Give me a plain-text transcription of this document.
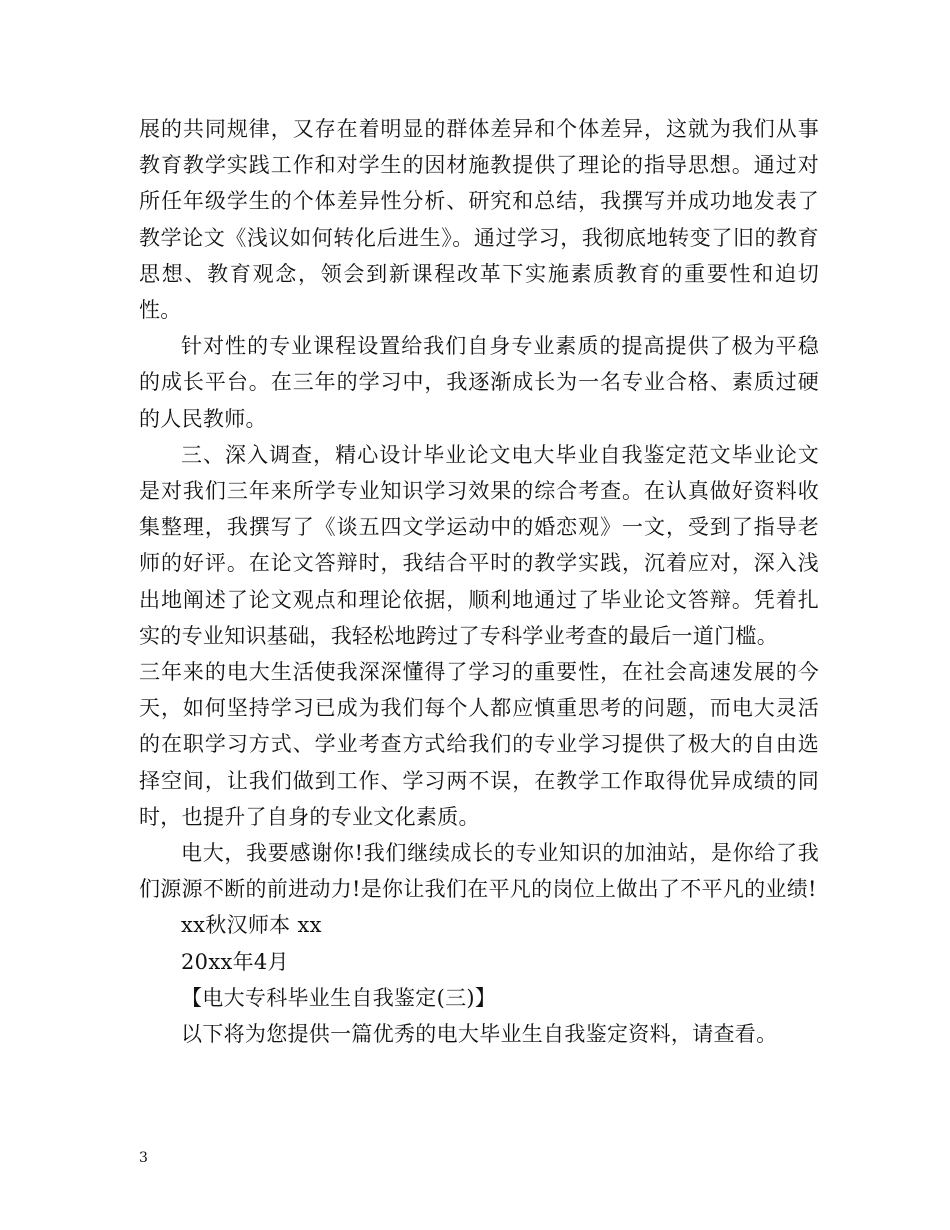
展的共同规律，又存在着明显的群体差异和个体差异，这就为我们从事教育教学实践工作和对学生的因材施教提供了理论的指导思想。通过对所任年级学生的个体差异性分析、研究和总结，我撰写并成功地发表了教学论文《浅议如何转化后进生》。通过学习，我彻底地转变了旧的教育思想、教育观念，领会到新课程改革下实施素质教育的重要性和迫切性。

针对性的专业课程设置给我们自身专业素质的提高提供了极为平稳的成长平台。在三年的学习中，我逐渐成长为一名专业合格、素质过硬的人民教师。

三、深入调查，精心设计毕业论文电大毕业自我鉴定范文毕业论文是对我们三年来所学专业知识学习效果的综合考查。在认真做好资料收集整理，我撰写了《谈五四文学运动中的婚恋观》一文，受到了指导老师的好评。在论文答辩时，我结合平时的教学实践，沉着应对，深入浅出地阐述了论文观点和理论依据，顺利地通过了毕业论文答辩。凭着扎实的专业知识基础，我轻松地跨过了专科学业考查的最后一道门槛。

三年来的电大生活使我深深懂得了学习的重要性，在社会高速发展的今天，如何坚持学习已成为我们每个人都应慎重思考的问题，而电大灵活的在职学习方式、学业考查方式给我们的专业学习提供了极大的自由选择空间，让我们做到工作、学习两不误，在教学工作取得优异成绩的同时，也提升了自身的专业文化素质。

电大，我要感谢你!我们继续成长的专业知识的加油站，是你给了我们源源不断的前进动力!是你让我们在平凡的岗位上做出了不平凡的业绩!

xx秋汉师本 xx

20xx年4月

【电大专科毕业生自我鉴定(三)】

以下将为您提供一篇优秀的电大毕业生自我鉴定资料，请查看。

3
